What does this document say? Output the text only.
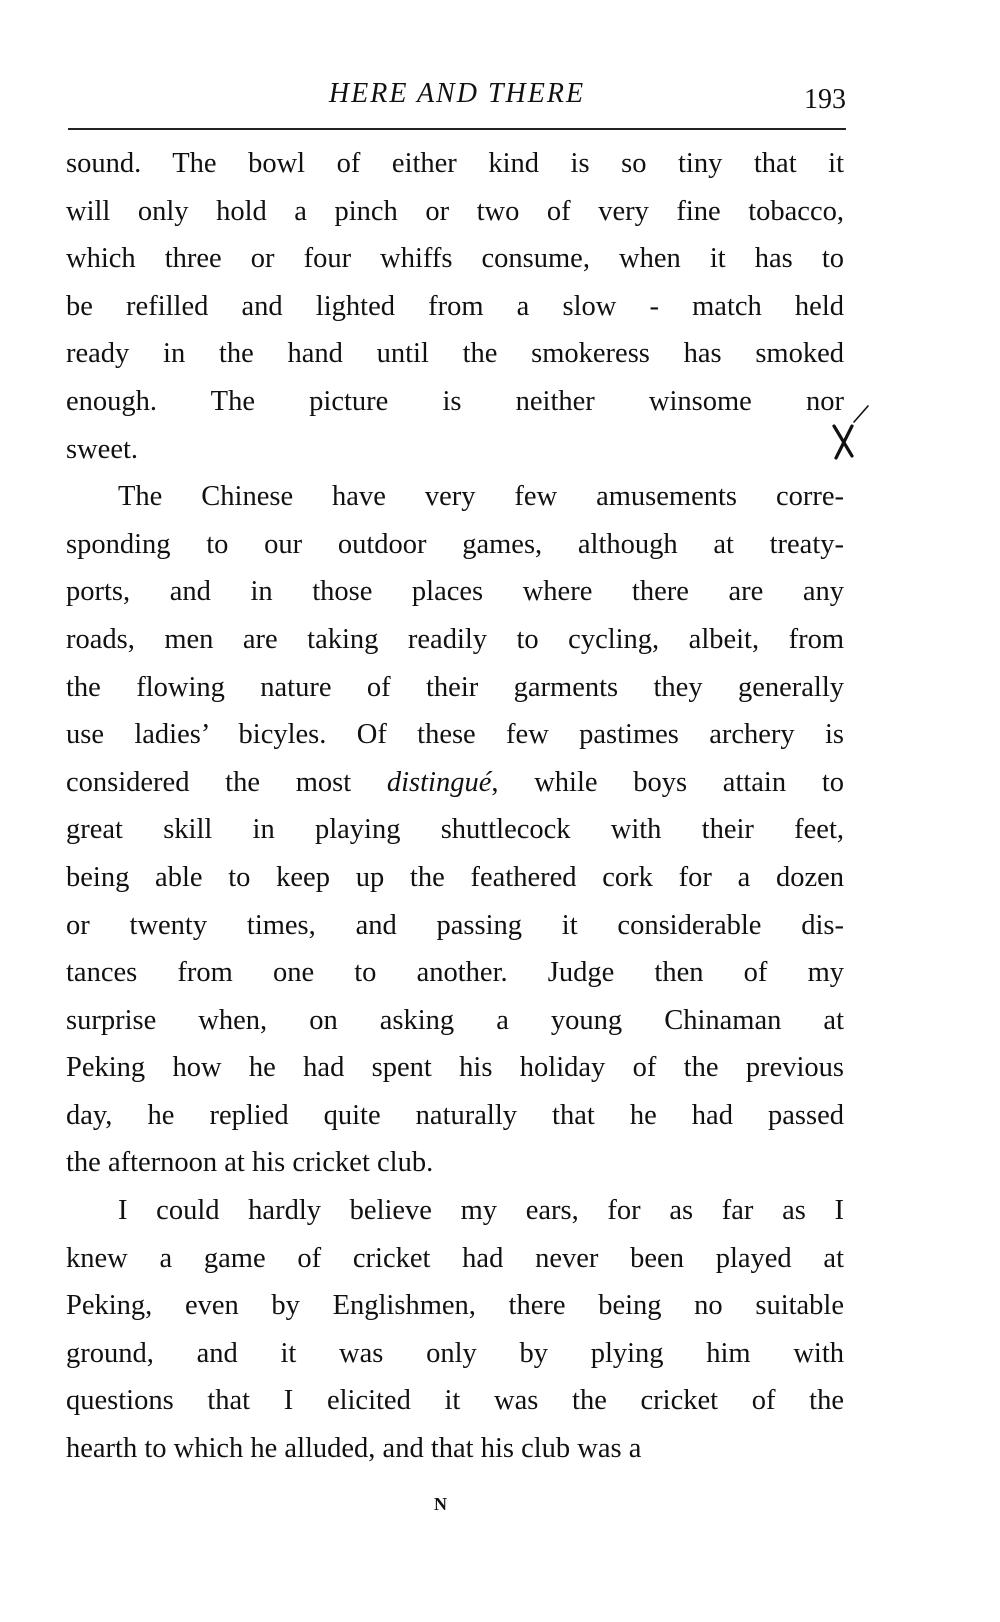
HERE AND THERE	193
sound. The bowl of either kind is so tiny that it
will only hold a pinch or two of very fine tobacco,
which three or four whiffs consume, when it has to
be refilled and lighted from a slow - match held
ready in the hand until the smokeress has smoked
enough. The picture is neither winsome nor
sweet.
The Chinese have very few amusements corre-
sponding to our outdoor games, although at treaty-
ports, and in those places where there are any
roads, men are taking readily to cycling, albeit, from
the flowing nature of their garments they generally
use ladies’ bicyles. Of these few pastimes archery is
considered the most distingué, while boys attain to
great skill in playing shuttlecock with their feet,
being able to keep up the feathered cork for a dozen
or twenty times, and passing it considerable dis-
tances from one to another. Judge then of my
surprise when, on asking a young Chinaman at
Peking how he had spent his holiday of the previous
day, he replied quite naturally that he had passed
the afternoon at his cricket club.
I could hardly believe my ears, for as far as I
knew a game of cricket had never been played at
Peking, even by Englishmen, there being no suitable
ground, and it was only by plying him with
questions that I elicited it was the cricket of the
hearth to which he alluded, and that his club was a
N
